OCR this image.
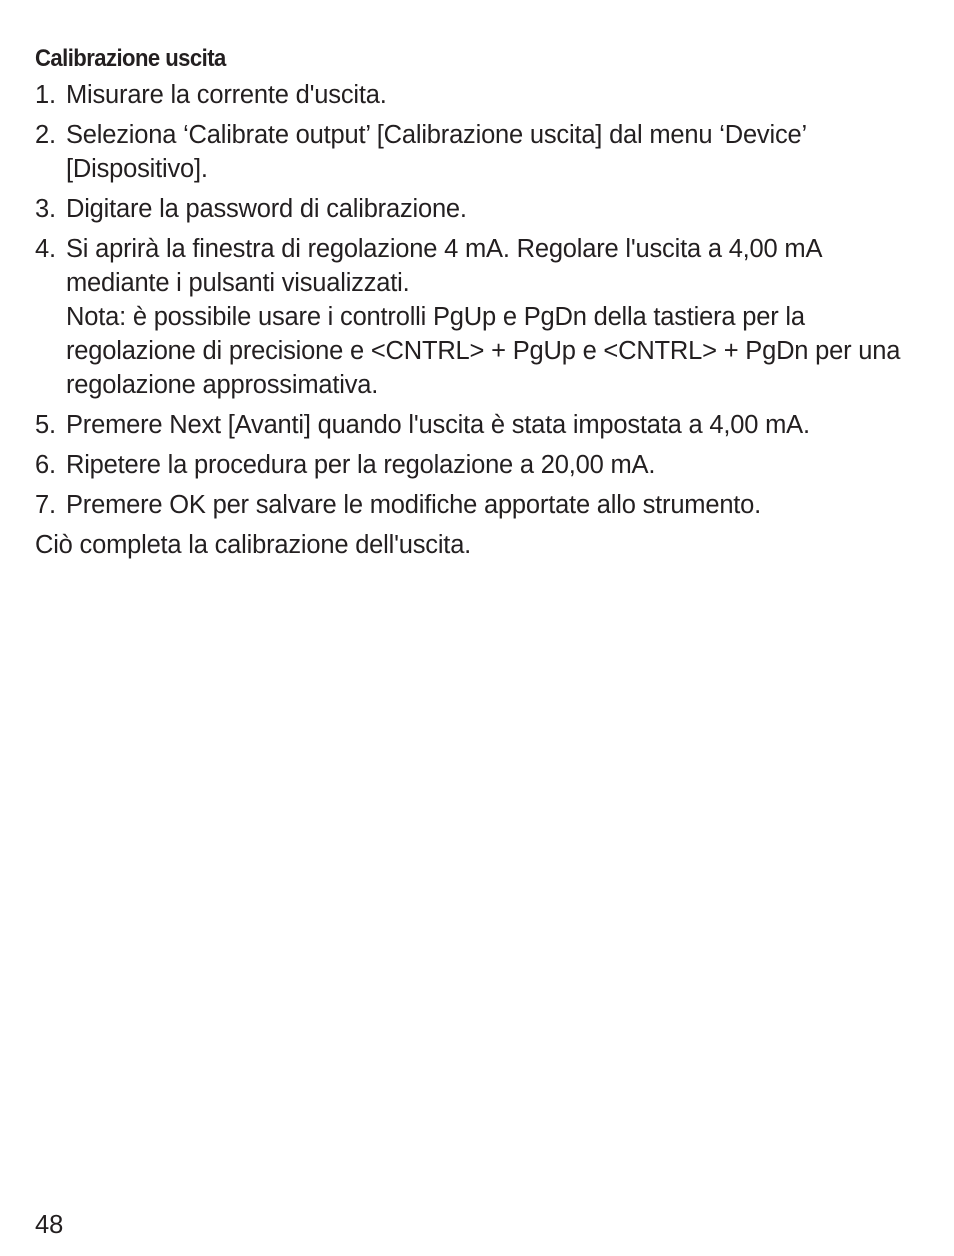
Calibrazione uscita
1. Misurare la corrente d'uscita.
2. Seleziona ‘Calibrate output’ [Calibrazione uscita] dal menu ‘Device’ [Dispositivo].
3. Digitare la password di calibrazione.
4. Si aprirà la finestra di regolazione 4 mA. Regolare l'uscita a 4,00 mA mediante i pulsanti visualizzati.
Nota: è possibile usare i controlli PgUp e PgDn della tastiera per la regolazione di precisione e <CNTRL> + PgUp e <CNTRL> + PgDn per una regolazione approssimativa.
5. Premere Next [Avanti] quando l'uscita è stata impostata a 4,00 mA.
6. Ripetere la procedura per la regolazione a 20,00 mA.
7. Premere OK per salvare le modifiche apportate allo strumento.

Ciò completa la calibrazione dell'uscita.

48
